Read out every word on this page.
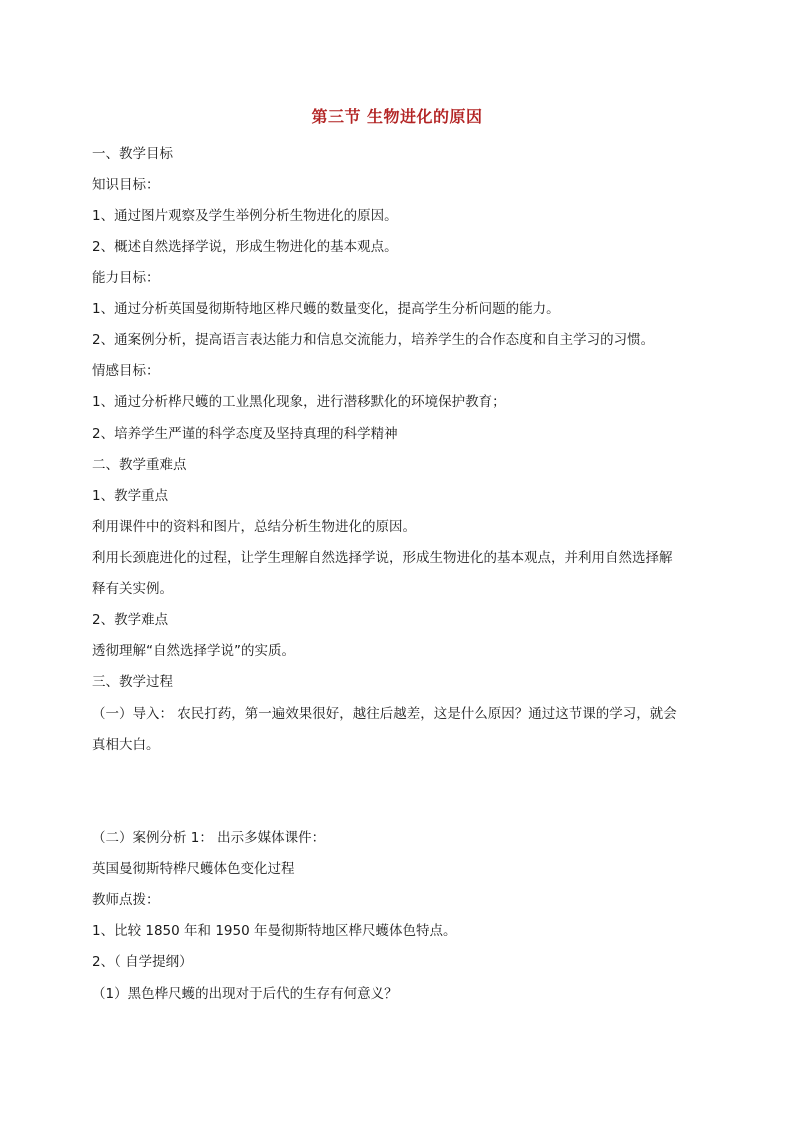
第三节 生物进化的原因
一、教学目标
知识目标：
1、通过图片观察及学生举例分析生物进化的原因。
2、概述自然选择学说，形成生物进化的基本观点。
能力目标：
1、通过分析英国曼彻斯特地区桦尺蠖的数量变化，提高学生分析问题的能力。
2、通案例分析，提高语言表达能力和信息交流能力，培养学生的合作态度和自主学习的习惯。
情感目标：
1、通过分析桦尺蠖的工业黑化现象，进行潜移默化的环境保护教育；
2、培养学生严谨的科学态度及坚持真理的科学精神
二、教学重难点
1、教学重点
利用课件中的资料和图片，总结分析生物进化的原因。
利用长颈鹿进化的过程，让学生理解自然选择学说，形成生物进化的基本观点，并利用自然选择解
释有关实例。
2、教学难点
透彻理解“自然选择学说”的实质。
三、教学过程
（一）导入： 农民打药，第一遍效果很好，越往后越差，这是什么原因？通过这节课的学习，就会
真相大白。
（二）案例分析 1： 出示多媒体课件：
英国曼彻斯特桦尺蠖体色变化过程
教师点拨：
1、比较 1850 年和 1950 年曼彻斯特地区桦尺蠖体色特点。
2、（ 自学提纲）
（1）黑色桦尺蠖的出现对于后代的生存有何意义？
